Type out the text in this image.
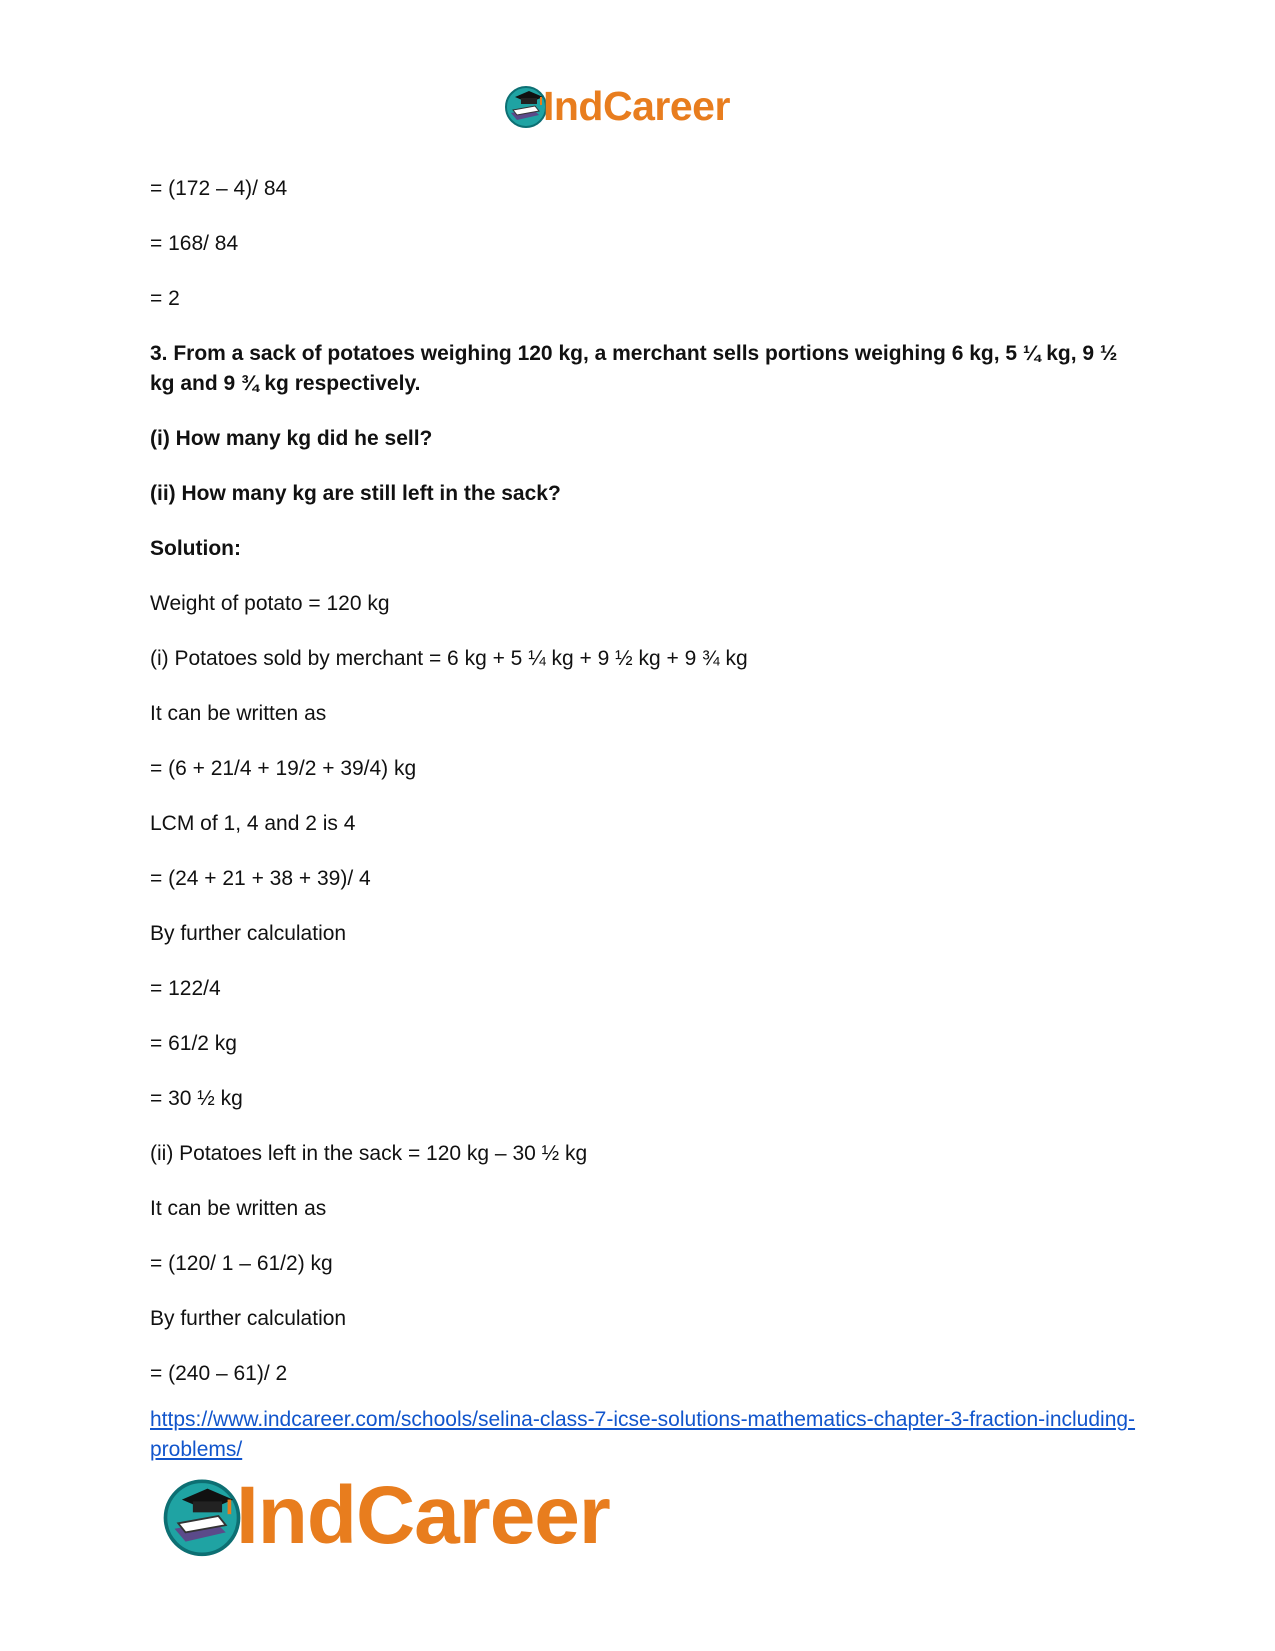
IndCareer

= (172 – 4)/ 84

= 168/ 84

= 2

3. From a sack of potatoes weighing 120 kg, a merchant sells portions weighing 6 kg, 5 ¼ kg, 9 ½ kg and 9 ¾ kg respectively.

(i) How many kg did he sell?

(ii) How many kg are still left in the sack?

Solution:

Weight of potato = 120 kg

(i) Potatoes sold by merchant = 6 kg + 5 ¼ kg + 9 ½ kg + 9 ¾ kg

It can be written as

= (6 + 21/4 + 19/2 + 39/4) kg

LCM of 1, 4 and 2 is 4

= (24 + 21 + 38 + 39)/ 4

By further calculation

= 122/4

= 61/2 kg

= 30 ½ kg

(ii) Potatoes left in the sack = 120 kg – 30 ½ kg

It can be written as

= (120/ 1 – 61/2) kg

By further calculation

= (240 – 61)/ 2

https://www.indcareer.com/schools/selina-class-7-icse-solutions-mathematics-chapter-3-fraction-including-problems/
IndCareer
